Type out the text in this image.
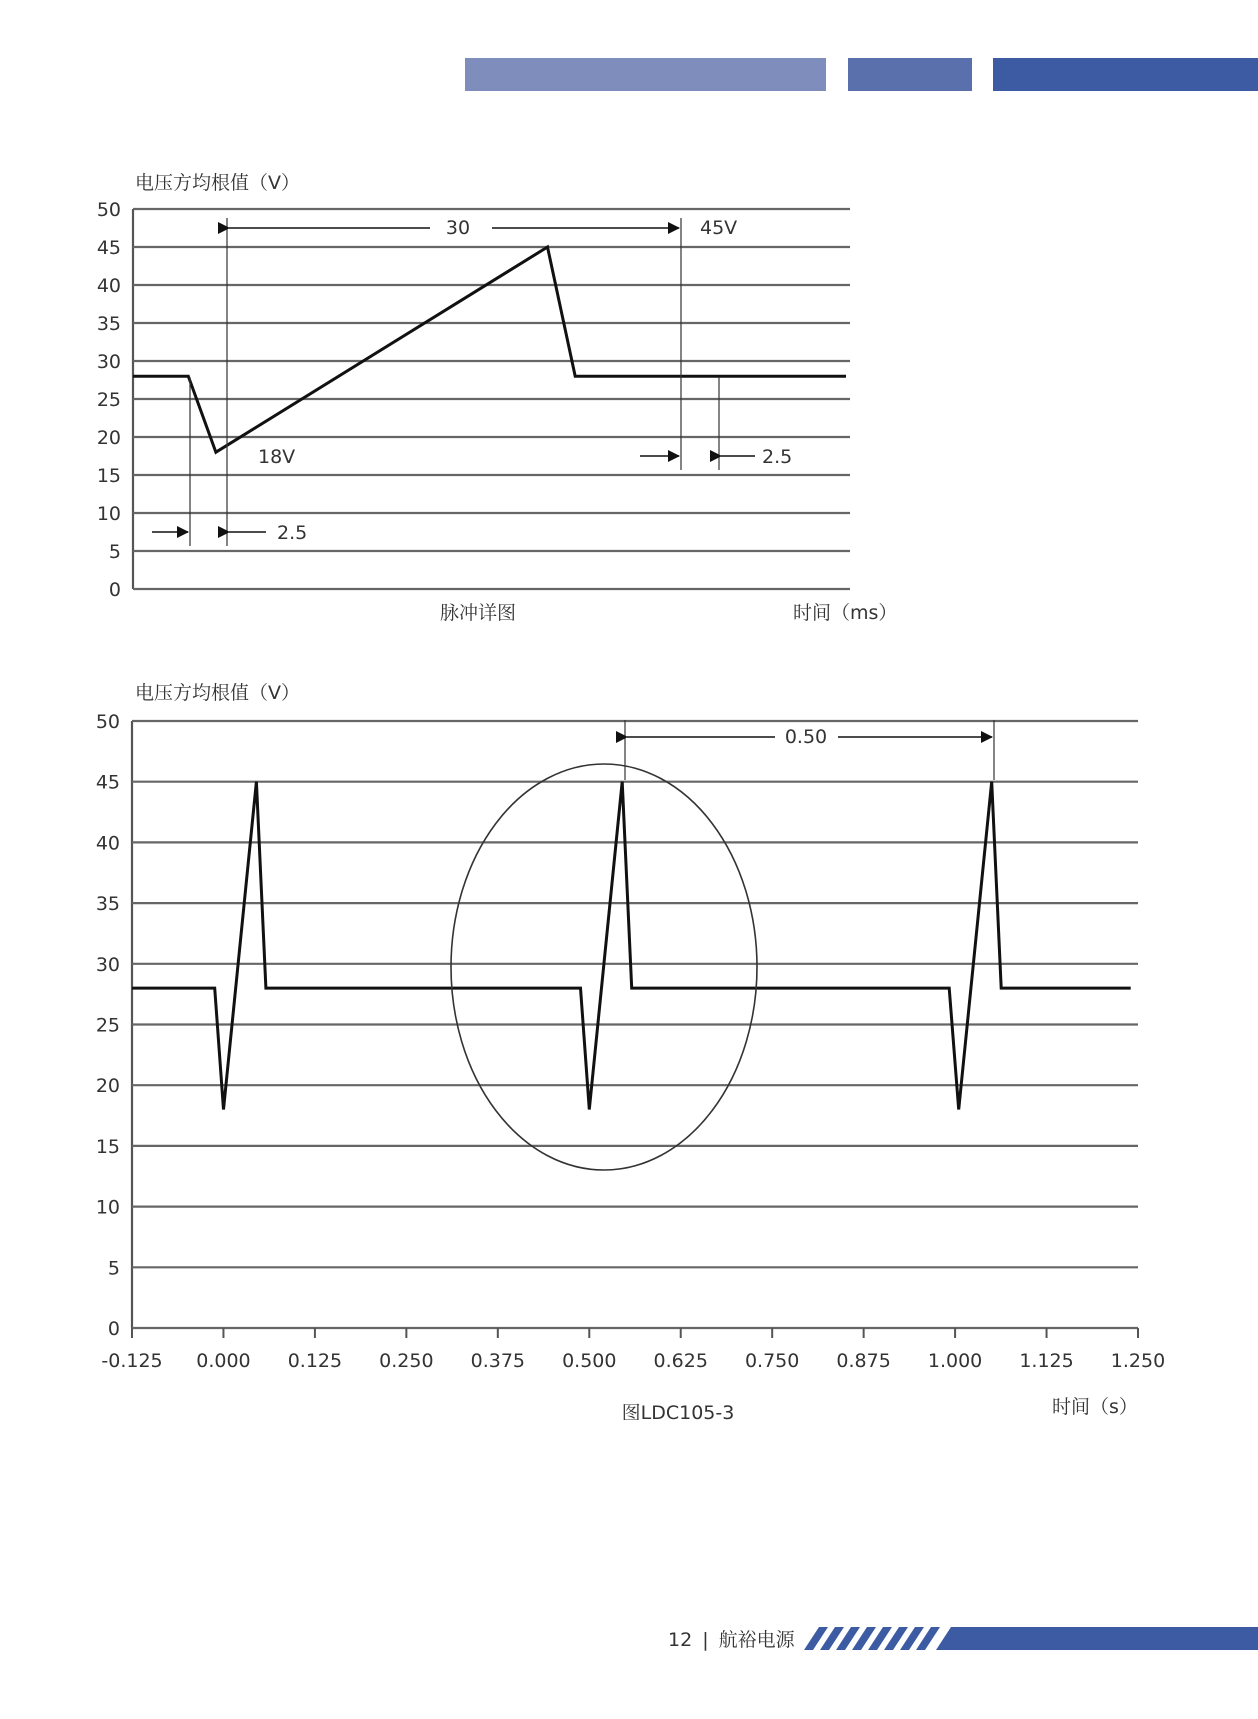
电压方均根值（V）
0
5
10
15
20
25
30
35
40
45
50
30	45V
18V	2.5
2.5
脉冲详图	时间（ms）
电压方均根值（V）
0
5
10
15
20
25
30
35
40
45
50
-0.125 0.000 0.125 0.250 0.375 0.500 0.625 0.750 0.875 1.000 1.125 1.250
0.50
图LDC105-3	时间（s）
12 | 航裕电源
